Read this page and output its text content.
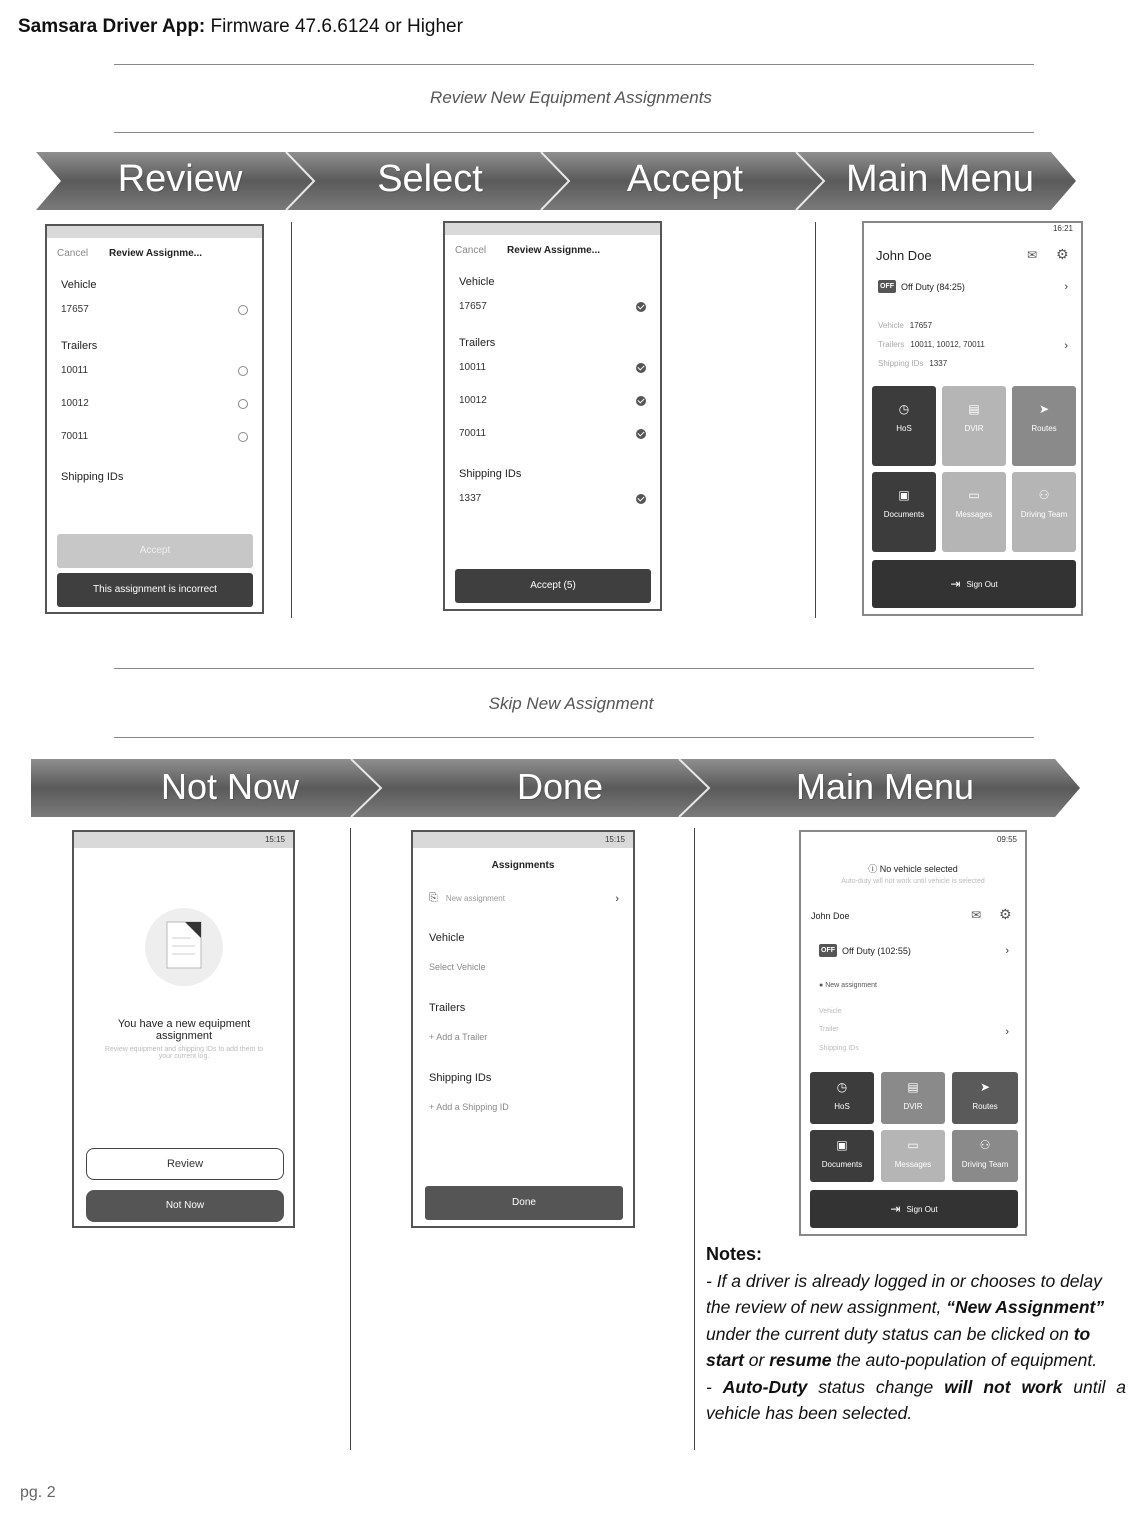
Samsara Driver App: Firmware 47.6.6124 or Higher
Review New Equipment Assignments
Review	Select	Accept	Main Menu
Cancel	Review Assignme...
Vehicle
17657
Trailers
10011
10012
70011
Shipping IDs
Accept
This assignment is incorrect
Cancel	Review Assignme...
Vehicle
17657
Trailers
10011
10012
70011
Shipping IDs
1337
Accept (5)
16:21
John Doe	✉ ⚙
OFF Off Duty (84:25)	›
Vehicle 17657
Trailers 10011, 10012, 70011	›
Shipping IDs 1337
◷
HoS
▤
DVIR
➤
Routes
▣
Documents
▭
Messages
⚇
Driving Team
⇥ Sign Out
Skip New Assignment
Not Now	Done	Main Menu
15:15
You have a new equipment assignment
Review equipment and shipping IDs to add them to your current log.
Review
Not Now
15:15
Assignments
⎘ New assignment	›
Vehicle
Select Vehicle
Trailers
+ Add a Trailer
Shipping IDs
+ Add a Shipping ID
Done
09:55
ⓘ No vehicle selected
Auto-duty will not work until vehicle is selected
John Doe	✉ ⚙
OFF Off Duty (102:55)	›
● New assignment
Vehicle
Trailer	›
Shipping IDs
◷
HoS
▤
DVIR
➤
Routes
▣
Documents
▭
Messages
⚇
Driving Team
⇥ Sign Out
Notes:
- If a driver is already logged in or chooses to delay the review of new assignment, “New Assignment” under the current duty status can be clicked on to start or resume the auto-population of equipment.
- Auto-Duty status change will not work until a vehicle has been selected.
pg. 2
